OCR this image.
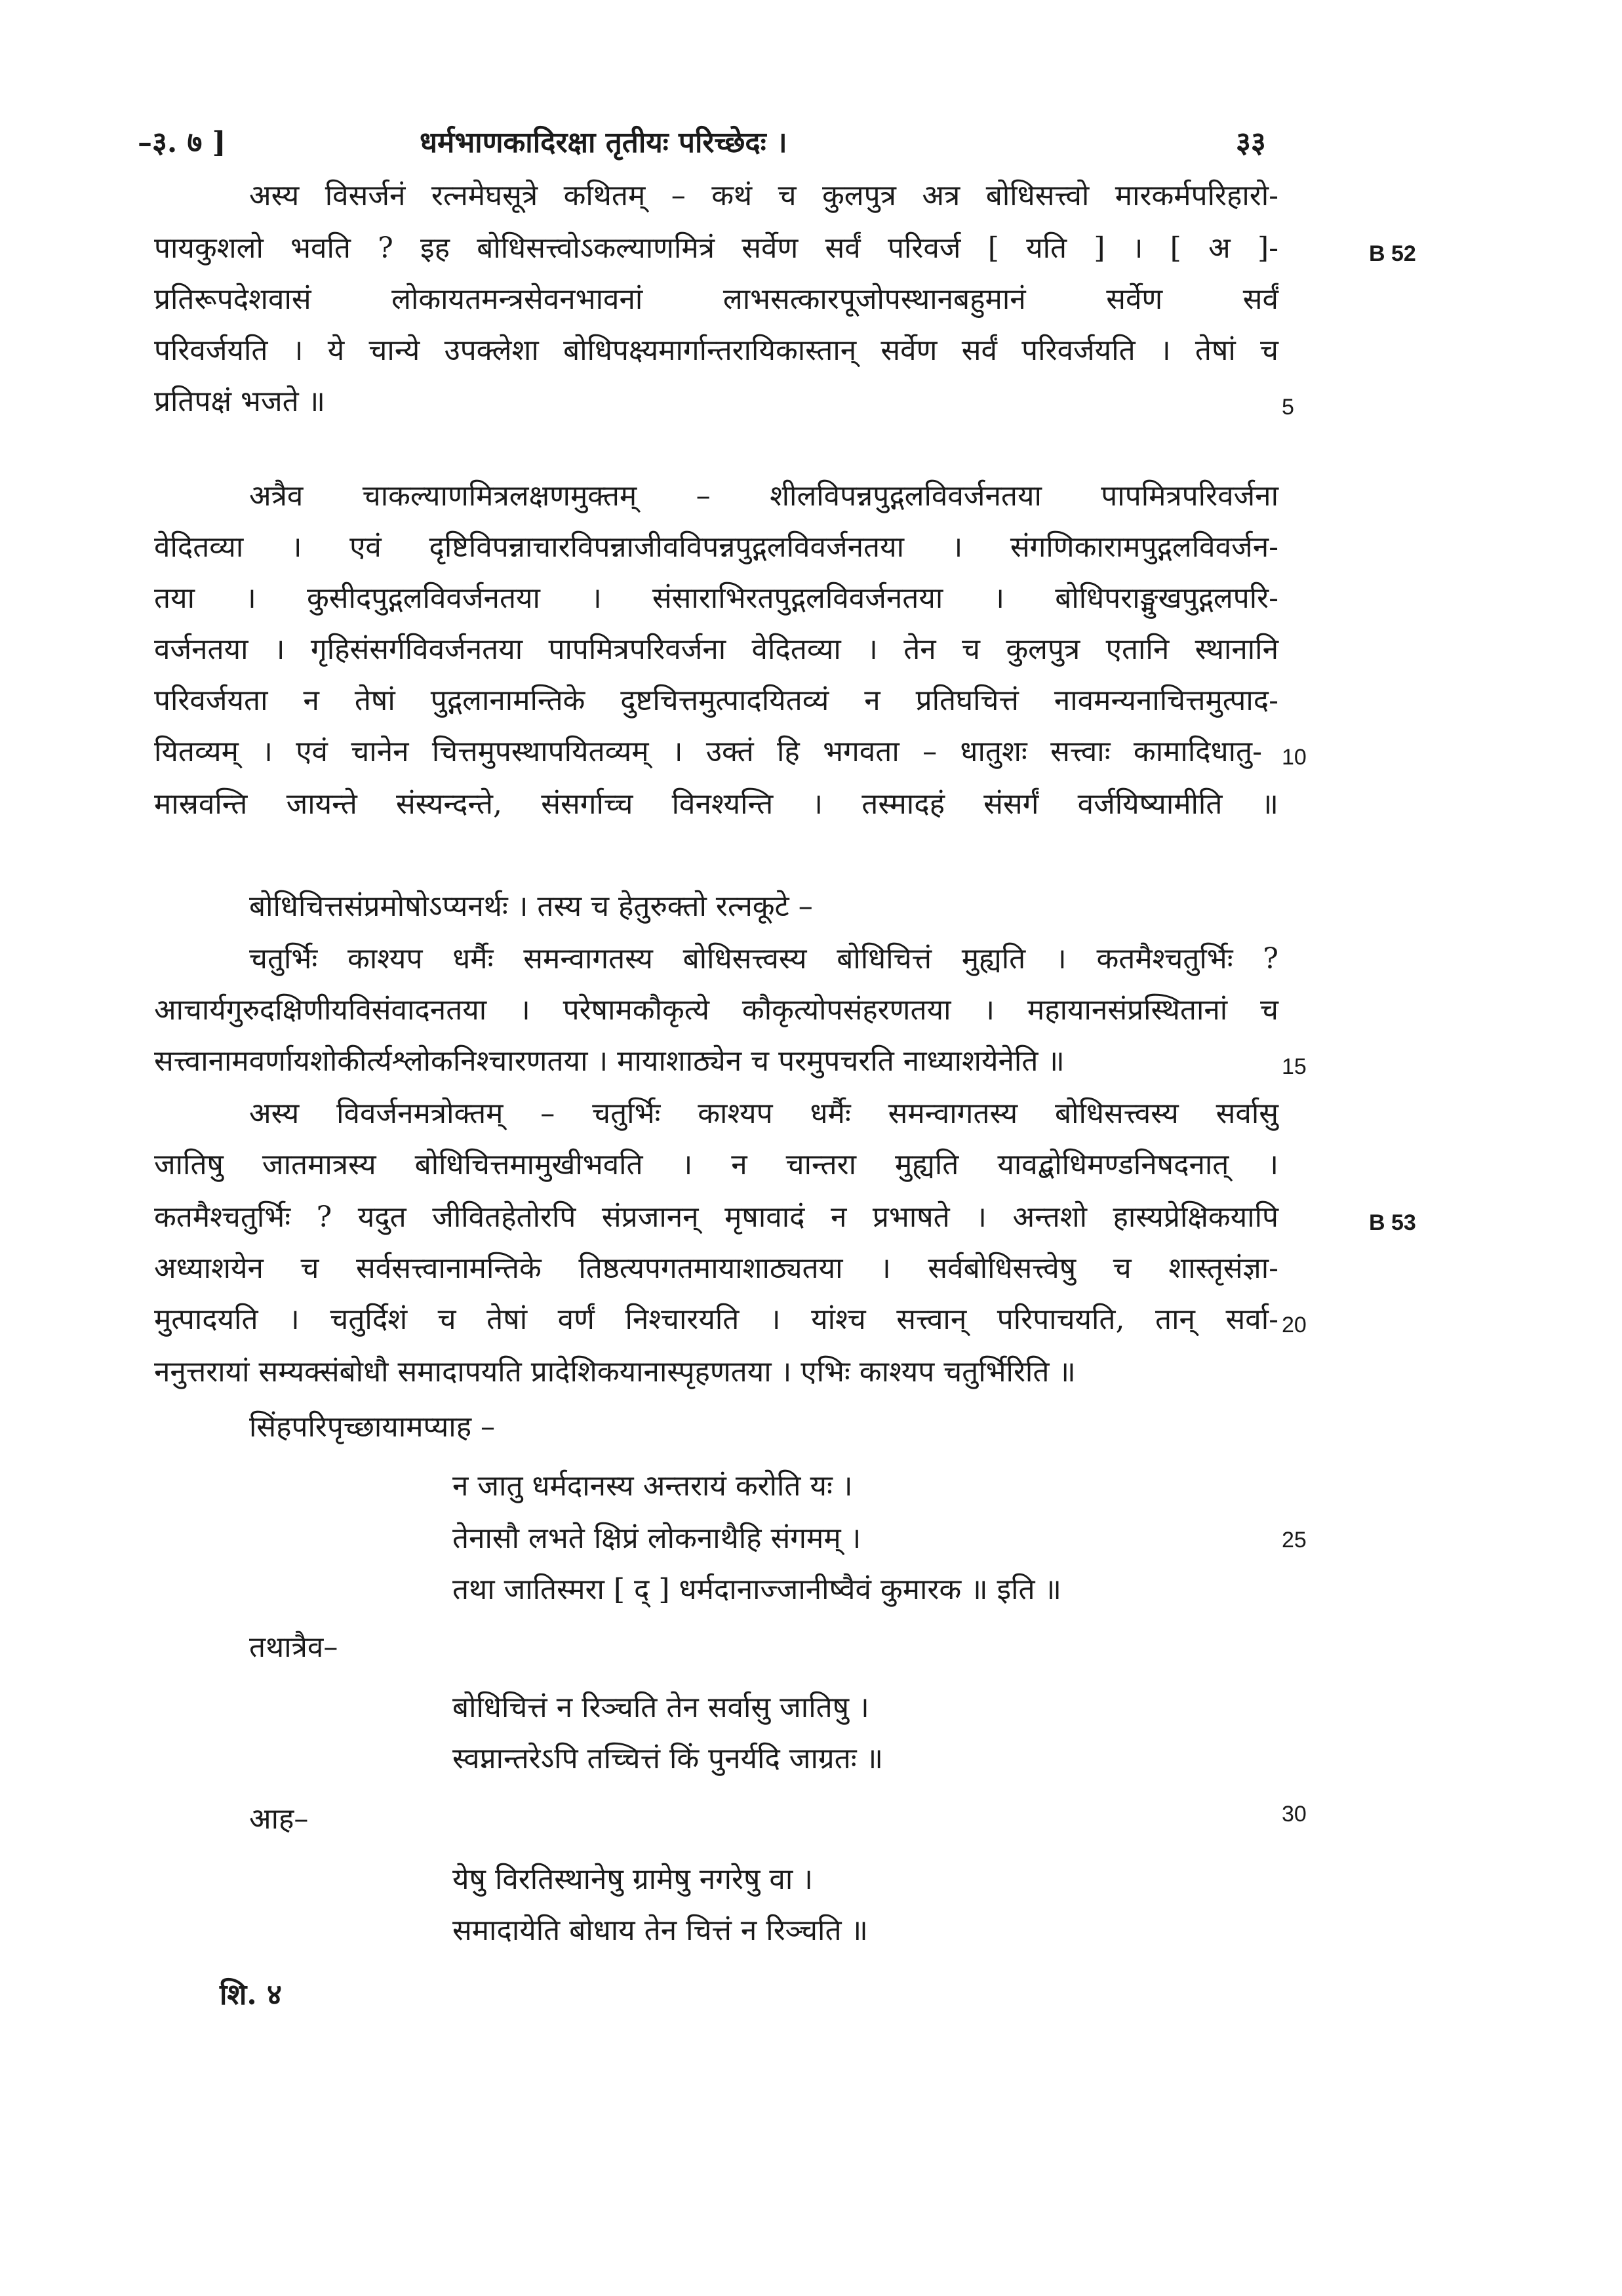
–३. ७ ]	धर्मभाणकादिरक्षा तृतीयः परिच्छेदः ।	३३
अस्य विसर्जनं रत्नमेघसूत्रे कथितम् – कथं च कुलपुत्र अत्र बोधिसत्त्वो मारकर्मपरिहारो-
पायकुशलो भवति ? इह बोधिसत्त्वोऽकल्याणमित्रं सर्वेण सर्वं परिवर्ज [ यति ] । [ अ ]-
प्रतिरूपदेशवासं लोकायतमन्त्रसेवनभावनां लाभसत्कारपूजोपस्थानबहुमानं सर्वेण सर्वं
परिवर्जयति । ये चान्ये उपक्लेशा बोधिपक्ष्यमार्गान्तरायिकास्तान् सर्वेण सर्वं परिवर्जयति । तेषां च
प्रतिपक्षं भजते ॥
अत्रैव चाकल्याणमित्रलक्षणमुक्तम् – शीलविपन्नपुद्गलविवर्जनतया पापमित्रपरिवर्जना
वेदितव्या । एवं दृष्टिविपन्नाचारविपन्नाजीवविपन्नपुद्गलविवर्जनतया । संगणिकारामपुद्गलविवर्जन-
तया । कुसीदपुद्गलविवर्जनतया । संसाराभिरतपुद्गलविवर्जनतया । बोधिपराङ्मुखपुद्गलपरि-
वर्जनतया । गृहिसंसर्गविवर्जनतया पापमित्रपरिवर्जना वेदितव्या । तेन च कुलपुत्र एतानि स्थानानि
परिवर्जयता न तेषां पुद्गलानामन्तिके दुष्टचित्तमुत्पादयितव्यं न प्रतिघचित्तं नावमन्यनाचित्तमुत्पाद-
यितव्यम् । एवं चानेन चित्तमुपस्थापयितव्यम् । उक्तं हि भगवता – धातुशः सत्त्वाः कामादिधातु-
मास्रवन्ति जायन्ते संस्यन्दन्ते, संसर्गाच्च विनश्यन्ति । तस्मादहं संसर्गं वर्जयिष्यामीति ॥
बोधिचित्तसंप्रमोषोऽप्यनर्थः । तस्य च हेतुरुक्तो रत्नकूटे –
चतुर्भिः काश्यप धर्मैः समन्वागतस्य बोधिसत्त्वस्य बोधिचित्तं मुह्यति । कतमैश्चतुर्भिः ?
आचार्यगुरुदक्षिणीयविसंवादनतया । परेषामकौकृत्ये कौकृत्योपसंहरणतया । महायानसंप्रस्थितानां च
सत्त्वानामवर्णायशोकीर्त्यश्लोकनिश्चारणतया । मायाशाठ्येन च परमुपचरति नाध्याशयेनेति ॥
अस्य विवर्जनमत्रोक्तम् – चतुर्भिः काश्यप धर्मैः समन्वागतस्य बोधिसत्त्वस्य सर्वासु
जातिषु जातमात्रस्य बोधिचित्तमामुखीभवति । न चान्तरा मुह्यति यावद्बोधिमण्डनिषदनात् ।
कतमैश्चतुर्भिः ? यदुत जीवितहेतोरपि संप्रजानन् मृषावादं न प्रभाषते । अन्तशो हास्यप्रेक्षिकयापि
अध्याशयेन च सर्वसत्त्वानामन्तिके तिष्ठत्यपगतमायाशाठ्यतया । सर्वबोधिसत्त्वेषु च शास्तृसंज्ञा-
मुत्पादयति । चतुर्दिशं च तेषां वर्णं निश्चारयति । यांश्च सत्त्वान् परिपाचयति, तान् सर्वा-
ननुत्तरायां सम्यक्संबोधौ समादापयति प्रादेशिकयानास्पृहणतया । एभिः काश्यप चतुर्भिरिति ॥
सिंहपरिपृच्छायामप्याह –
न जातु धर्मदानस्य अन्तरायं करोति यः ।
तेनासौ लभते क्षिप्रं लोकनाथैहि संगमम् ।
तथा जातिस्मरा [ द् ] धर्मदानाज्जानीष्वैवं कुमारक ॥ इति ॥
तथात्रैव–
बोधिचित्तं न रिञ्चति तेन सर्वासु जातिषु ।
स्वप्नान्तरेऽपि तच्चित्तं किं पुनर्यदि जाग्रतः ॥
आह–
येषु विरतिस्थानेषु ग्रामेषु नगरेषु वा ।
समादायेति बोधाय तेन चित्तं न रिञ्चति ॥
शि. ४
5
10
15
20
25
30
B 52
B 53
